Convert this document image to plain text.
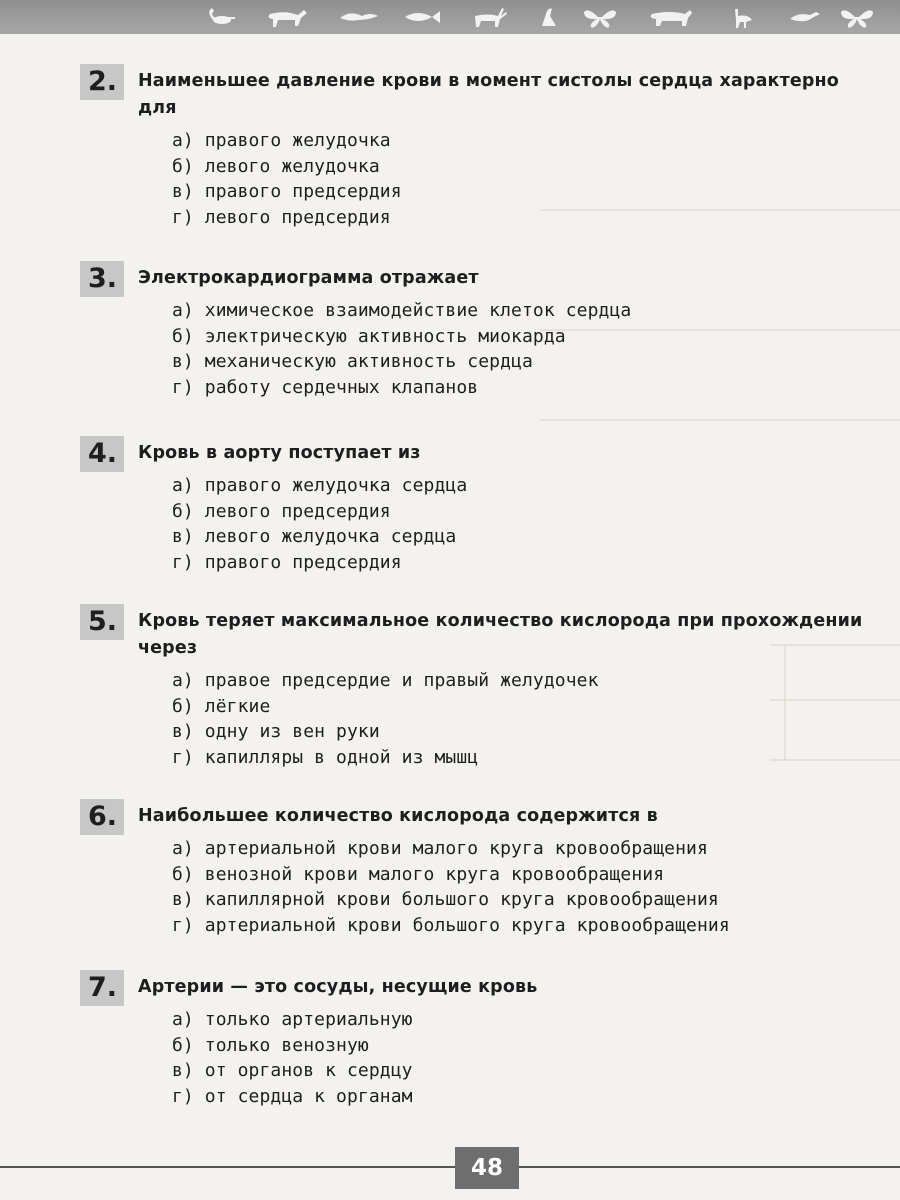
2.	Наименьшее давление крови в момент систолы сердца характерно для
а) правого желудочка
б) левого желудочка
в) правого предсердия
г) левого предсердия
3.	Электрокардиограмма отражает
а) химическое взаимодействие клеток сердца
б) электрическую активность миокарда
в) механическую активность сердца
г) работу сердечных клапанов
4.	Кровь в аорту поступает из
а) правого желудочка сердца
б) левого предсердия
в) левого желудочка сердца
г) правого предсердия
5.	Кровь теряет максимальное количество кислорода при прохождении через
а) правое предсердие и правый желудочек
б) лёгкие
в) одну из вен руки
г) капилляры в одной из мышц
6.	Наибольшее количество кислорода содержится в
а) артериальной крови малого круга кровообращения
б) венозной крови малого круга кровообращения
в) капиллярной крови большого круга кровообращения
г) артериальной крови большого круга кровообращения
7.	Артерии — это сосуды, несущие кровь
а) только артериальную
б) только венозную
в) от органов к сердцу
г) от сердца к органам
48
